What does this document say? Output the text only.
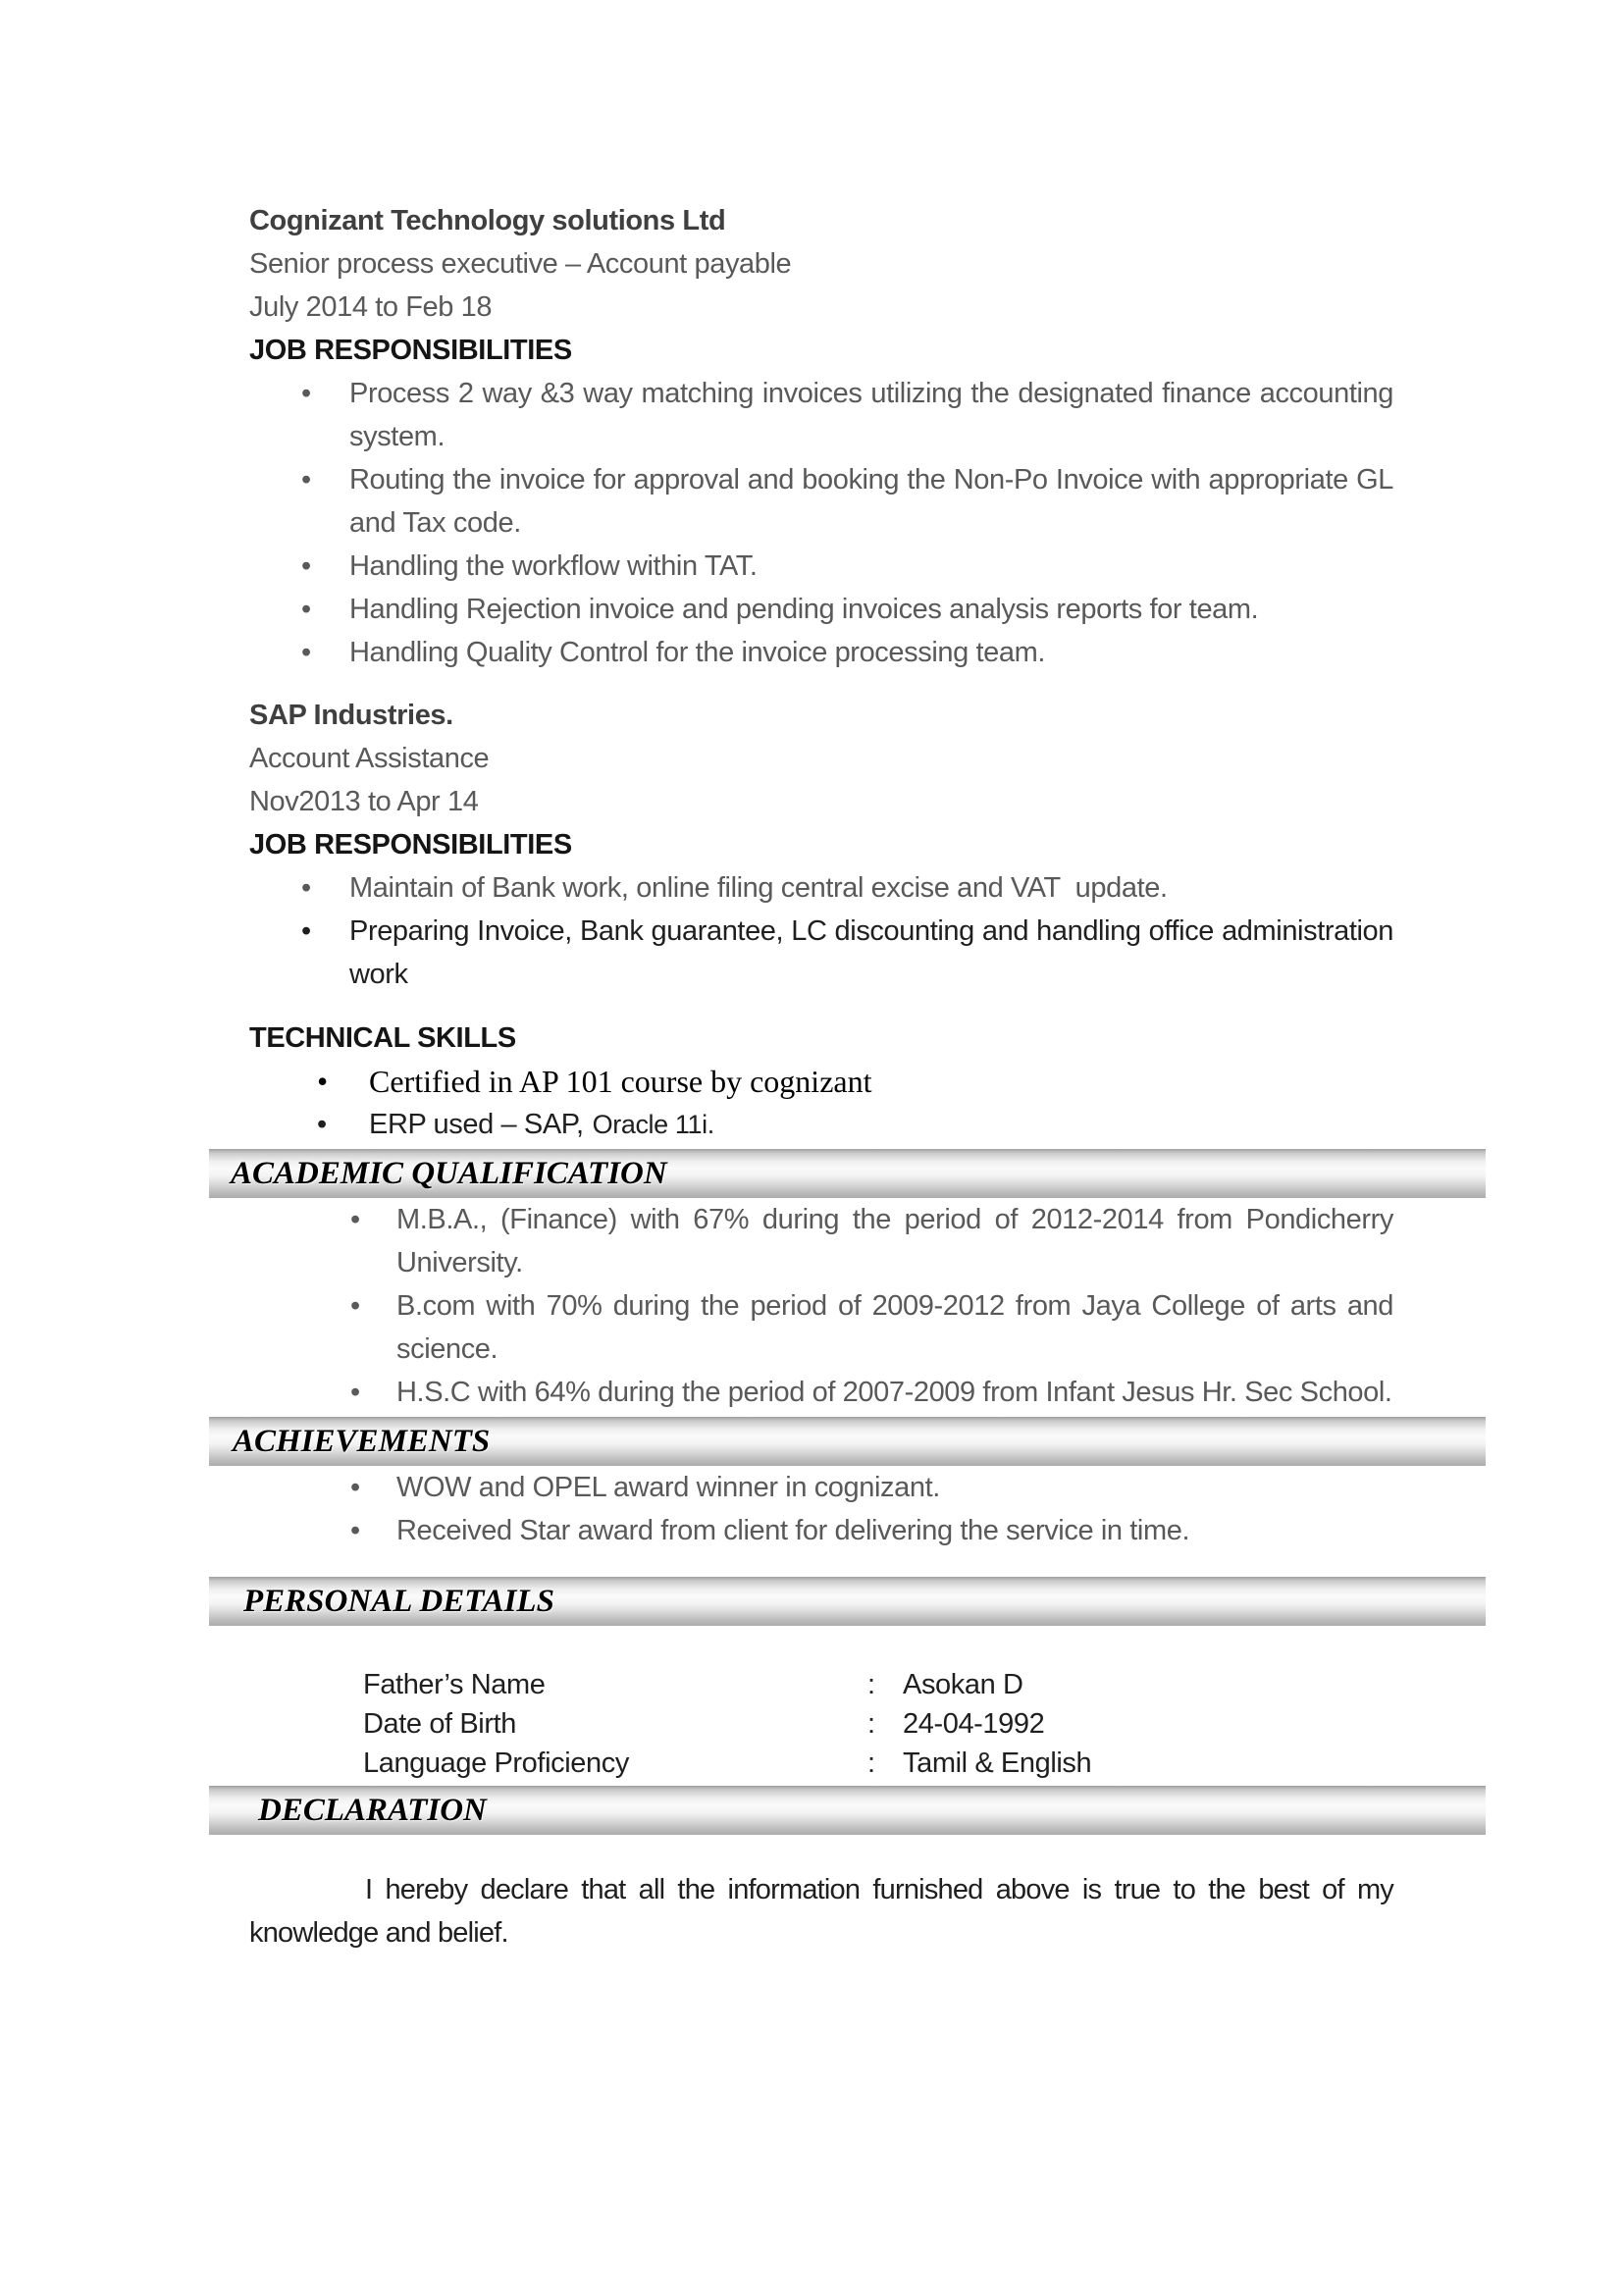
Cognizant Technology solutions Ltd
Senior process executive – Account payable
July 2014 to Feb 18
JOB RESPONSIBILITIES
• Process 2 way &3 way matching invoices utilizing the designated finance accounting system.
• Routing the invoice for approval and booking the Non-Po Invoice with appropriate GL and Tax code.
• Handling the workflow within TAT.
• Handling Rejection invoice and pending invoices analysis reports for team.
• Handling Quality Control for the invoice processing team.
SAP Industries.
Account Assistance
Nov2013 to Apr 14
JOB RESPONSIBILITIES
• Maintain of Bank work, online filing central excise and VAT  update.
• Preparing Invoice, Bank guarantee, LC discounting and handling office administration work
TECHNICAL SKILLS
• Certified in AP 101 course by cognizant
• ERP used – SAP, Oracle 11i.
ACADEMIC QUALIFICATION
• M.B.A., (Finance) with 67% during the period of 2012-2014 from Pondicherry University.
• B.com with 70% during the period of 2009-2012 from Jaya College of arts and science.
• H.S.C with 64% during the period of 2007-2009 from Infant Jesus Hr. Sec School.
ACHIEVEMENTS
• WOW and OPEL award winner in cognizant.
• Received Star award from client for delivering the service in time.
PERSONAL DETAILS
Father’s Name	: Asokan D
Date of Birth	: 24-04-1992
Language Proficiency	: Tamil & English
DECLARATION

I hereby declare that all the information furnished above is true to the best of my knowledge and belief.
